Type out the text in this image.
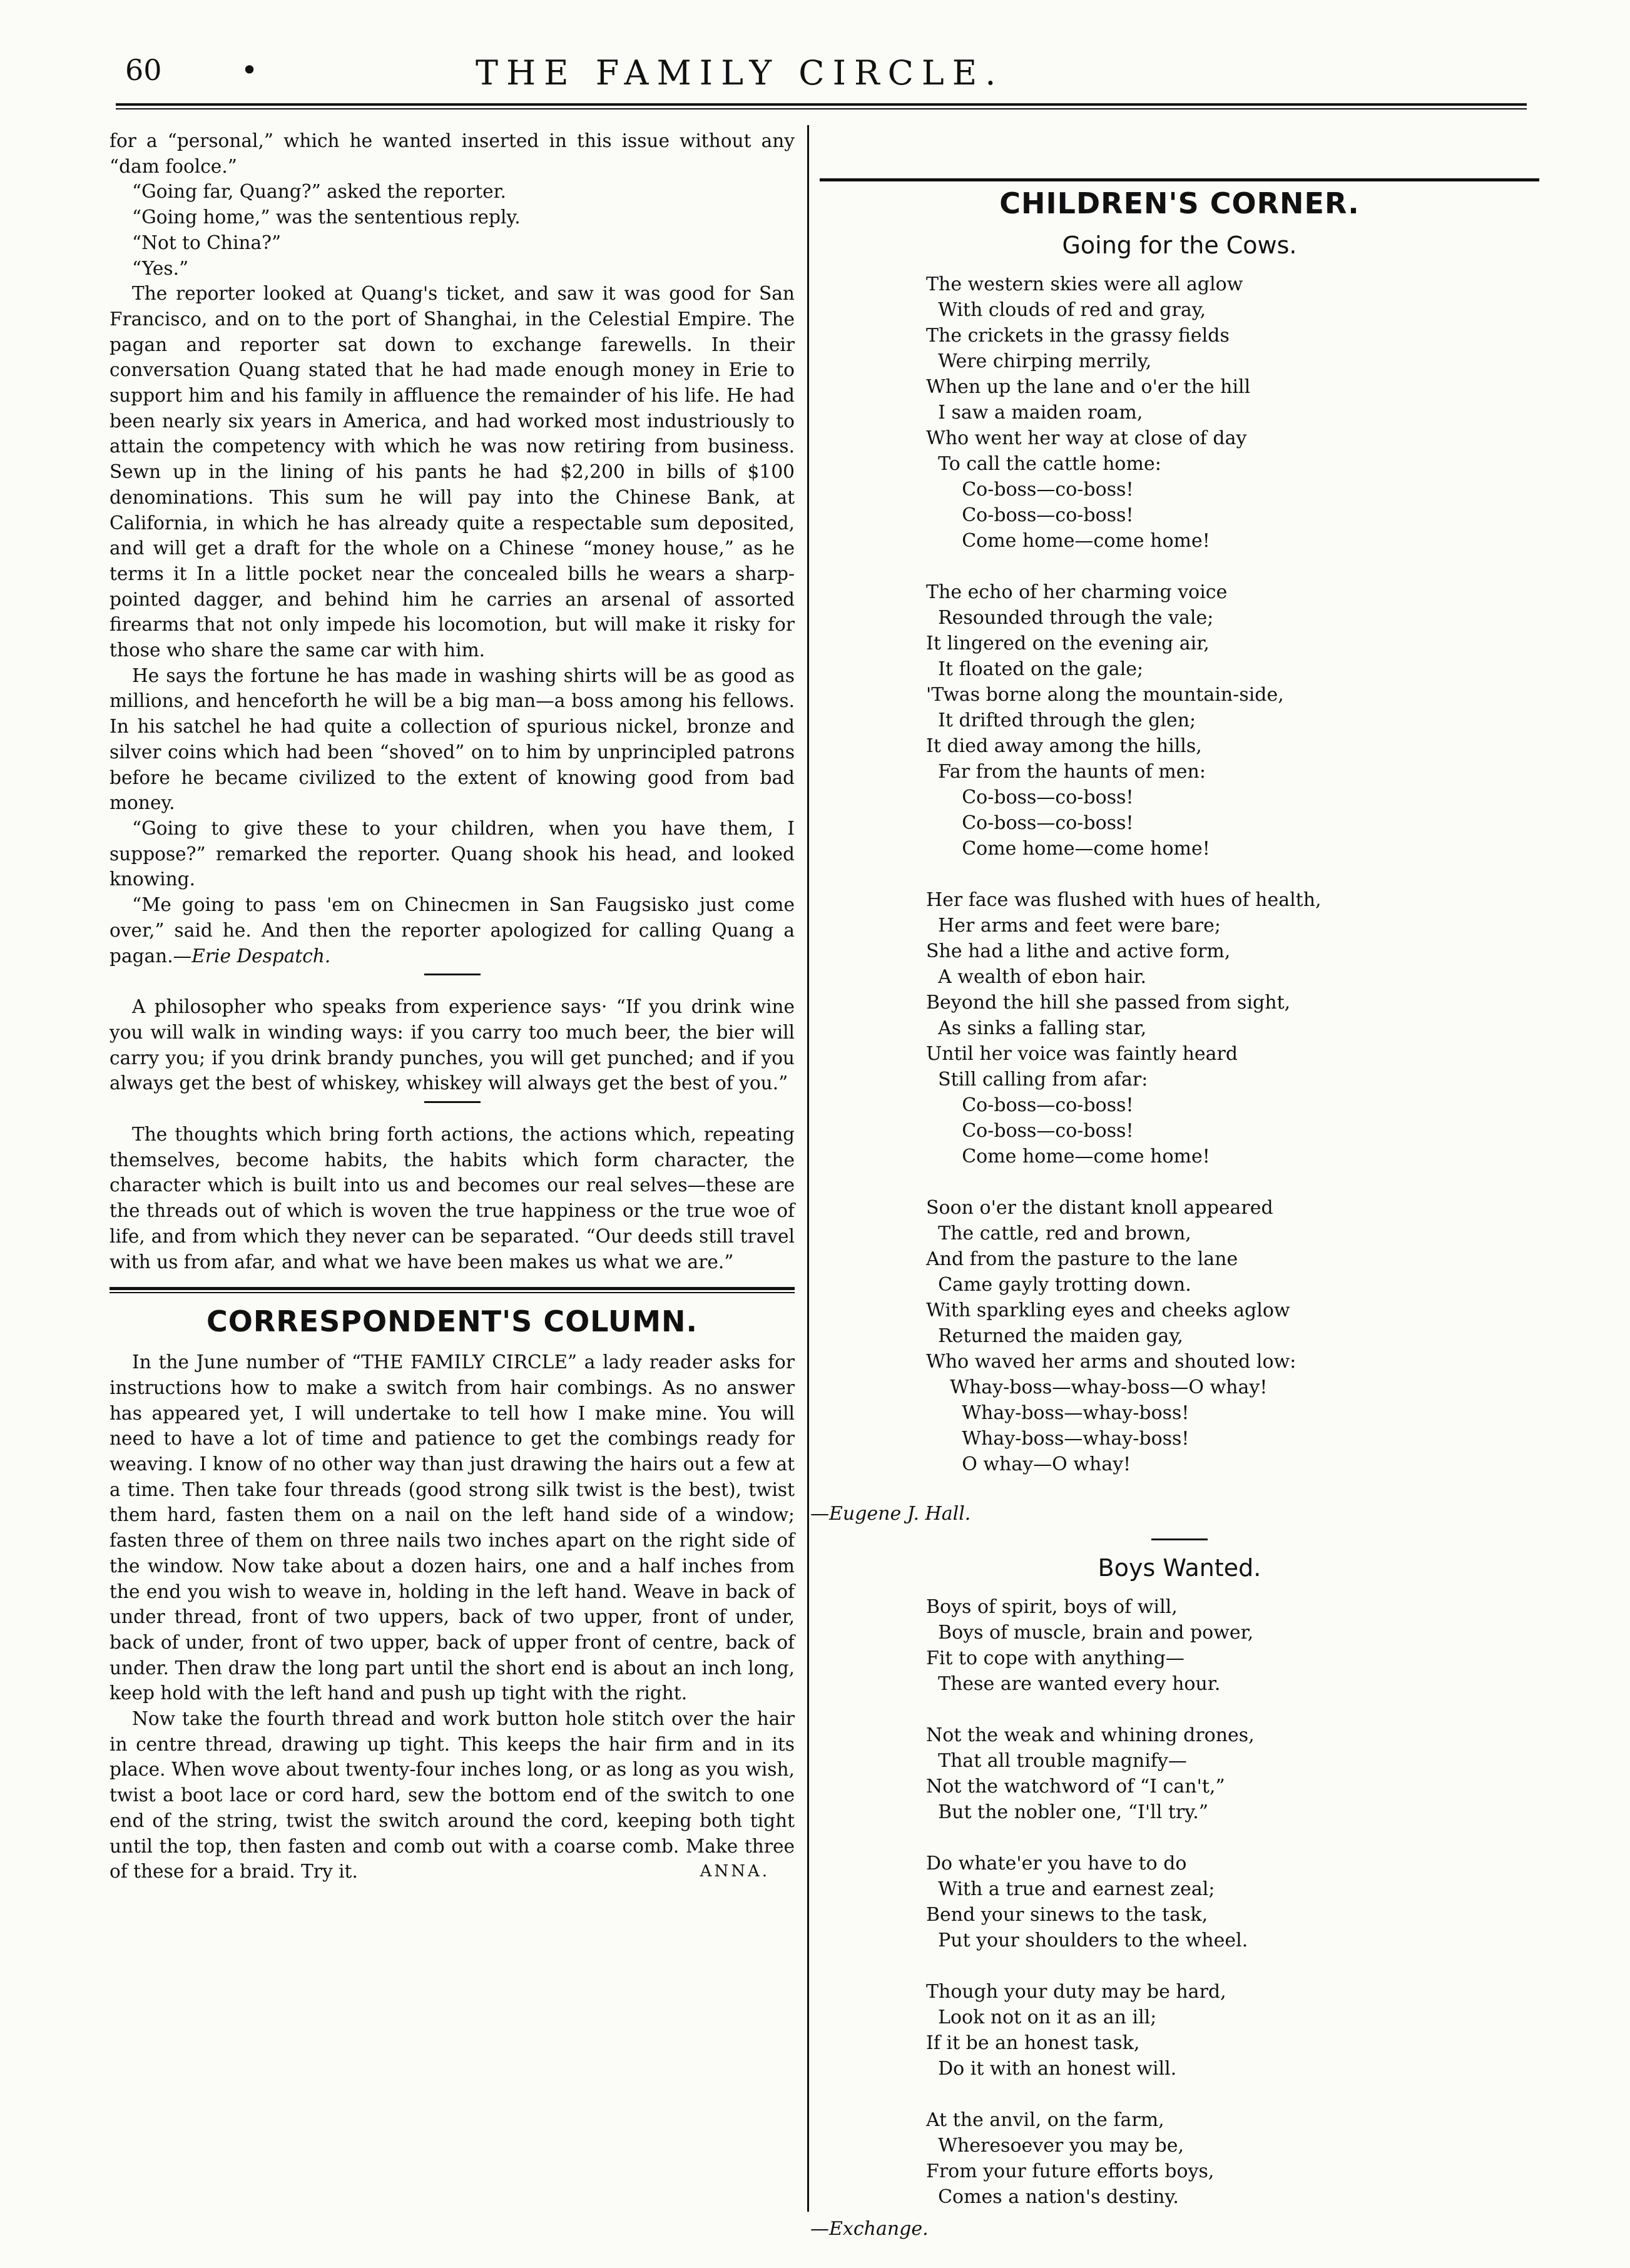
60	•	THE FAMILY CIRCLE.

for a “personal,” which he wanted inserted in this issue without any “dam foolce.”

“Going far, Quang?” asked the reporter.

“Going home,” was the sententious reply.

“Not to China?”

“Yes.”

The reporter looked at Quang's ticket, and saw it was good for San Francisco, and on to the port of Shanghai, in the Celestial Empire. The pagan and reporter sat down to exchange farewells. In their conversation Quang stated that he had made enough money in Erie to support him and his family in affluence the remainder of his life. He had been nearly six years in America, and had worked most industriously to attain the competency with which he was now retiring from business. Sewn up in the lining of his pants he had $2,200 in bills of $100 denominations. This sum he will pay into the Chinese Bank, at California, in which he has already quite a respectable sum deposited, and will get a draft for the whole on a Chinese “money house,” as he terms it In a little pocket near the concealed bills he wears a sharp-pointed dagger, and behind him he carries an arsenal of assorted firearms that not only impede his locomotion, but will make it risky for those who share the same car with him.

He says the fortune he has made in washing shirts will be as good as millions, and henceforth he will be a big man—a boss among his fellows. In his satchel he had quite a collection of spurious nickel, bronze and silver coins which had been “shoved” on to him by unprincipled patrons before he became civilized to the extent of knowing good from bad money.

“Going to give these to your children, when you have them, I suppose?” remarked the reporter. Quang shook his head, and looked knowing.

“Me going to pass 'em on Chinecmen in San Faugsisko just come over,” said he. And then the reporter apologized for calling Quang a pagan.—Erie Despatch.

A philosopher who speaks from experience says· “If you drink wine you will walk in winding ways: if you carry too much beer, the bier will carry you; if you drink brandy punches, you will get punched; and if you always get the best of whiskey, whiskey will always get the best of you.”

The thoughts which bring forth actions, the actions which, repeating themselves, become habits, the habits which form character, the character which is built into us and becomes our real selves—these are the threads out of which is woven the true happiness or the true woe of life, and from which they never can be separated. “Our deeds still travel with us from afar, and what we have been makes us what we are.”

CORRESPONDENT'S COLUMN.

In the June number of “THE FAMILY CIRCLE” a lady reader asks for instructions how to make a switch from hair combings. As no answer has appeared yet, I will undertake to tell how I make mine. You will need to have a lot of time and patience to get the combings ready for weaving. I know of no other way than just drawing the hairs out a few at a time. Then take four threads (good strong silk twist is the best), twist them hard, fasten them on a nail on the left hand side of a window; fasten three of them on three nails two inches apart on the right side of the window. Now take about a dozen hairs, one and a half inches from the end you wish to weave in, holding in the left hand. Weave in back of under thread, front of two uppers, back of two upper, front of under, back of under, front of two upper, back of upper front of centre, back of under. Then draw the long part until the short end is about an inch long, keep hold with the left hand and push up tight with the right.

Now take the fourth thread and work button hole stitch over the hair in centre thread, drawing up tight. This keeps the hair firm and in its place. When wove about twenty-four inches long, or as long as you wish, twist a boot lace or cord hard, sew the bottom end of the switch to one end of the string, twist the switch around the cord, keeping both tight until the top, then fasten and comb out with a coarse comb. Make three of these for a braid. Try it.	ANNA.

CHILDREN'S CORNER.
Going for the Cows.
The western skies were all aglow
With clouds of red and gray,
The crickets in the grassy fields
Were chirping merrily,
When up the lane and o'er the hill
I saw a maiden roam,
Who went her way at close of day
To call the cattle home:
Co-boss—co-boss!
Co-boss—co-boss!
Come home—come home!
The echo of her charming voice
Resounded through the vale;
It lingered on the evening air,
It floated on the gale;
'Twas borne along the mountain-side,
It drifted through the glen;
It died away among the hills,
Far from the haunts of men:
Co-boss—co-boss!
Co-boss—co-boss!
Come home—come home!
Her face was flushed with hues of health,
Her arms and feet were bare;
She had a lithe and active form,
A wealth of ebon hair.
Beyond the hill she passed from sight,
As sinks a falling star,
Until her voice was faintly heard
Still calling from afar:
Co-boss—co-boss!
Co-boss—co-boss!
Come home—come home!
Soon o'er the distant knoll appeared
The cattle, red and brown,
And from the pasture to the lane
Came gayly trotting down.
With sparkling eyes and cheeks aglow
Returned the maiden gay,
Who waved her arms and shouted low:
Whay-boss—whay-boss—O whay!
Whay-boss—whay-boss!
Whay-boss—whay-boss!
O whay—O whay!
—Eugene J. Hall.
Boys Wanted.
Boys of spirit, boys of will,
Boys of muscle, brain and power,
Fit to cope with anything—
These are wanted every hour.
Not the weak and whining drones,
That all trouble magnify—
Not the watchword of “I can't,”
But the nobler one, “I'll try.”
Do whate'er you have to do
With a true and earnest zeal;
Bend your sinews to the task,
Put your shoulders to the wheel.
Though your duty may be hard,
Look not on it as an ill;
If it be an honest task,
Do it with an honest will.
At the anvil, on the farm,
Wheresoever you may be,
From your future efforts boys,
Comes a nation's destiny.
—Exchange.
